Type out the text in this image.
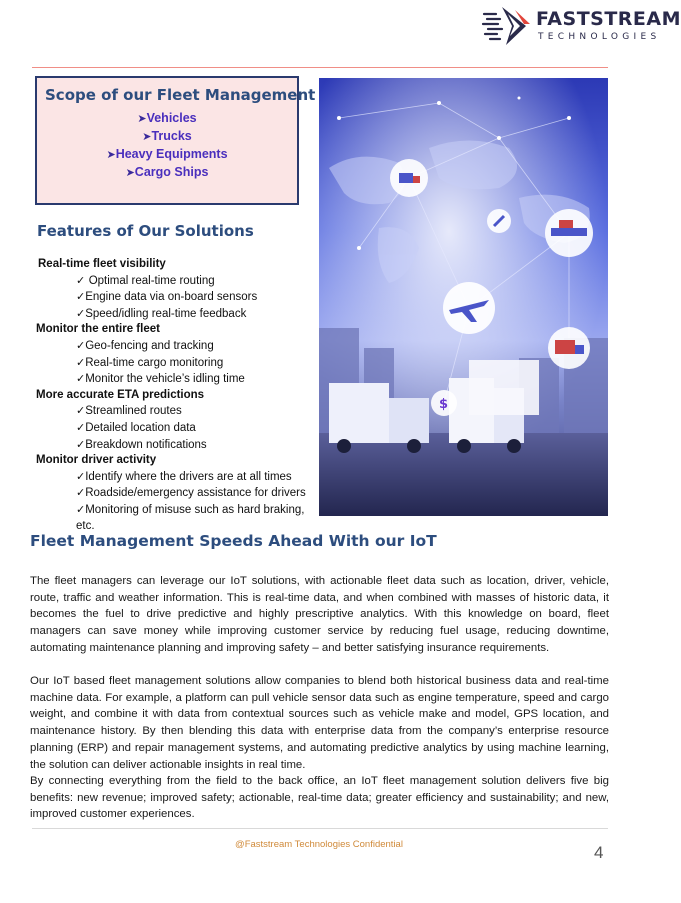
FASTSTREAM
TECHNOLOGIES
Scope of our Fleet Management
➤Vehicles
➤Trucks
➤Heavy Equipments
➤Cargo Ships
$
Features of Our Solutions
Real-time fleet visibility
✓ Optimal real-time routing
✓Engine data via on-board sensors
✓Speed/idling real-time feedback
Monitor the entire fleet
✓Geo-fencing and tracking
✓Real-time cargo monitoring
✓Monitor the vehicle’s idling time
More accurate ETA predictions
✓Streamlined routes
✓Detailed location data
✓Breakdown notifications
Monitor driver activity
✓Identify where the drivers are at all times
✓Roadside/emergency assistance for drivers
✓Monitoring of misuse such as hard braking, etc.
Fleet Management Speeds Ahead With our IoT
The fleet managers can leverage our IoT solutions, with actionable fleet data such as location, driver, vehicle, route, traffic and weather information. This is real-time data, and when combined with masses of historic data, it becomes the fuel to drive predictive and highly prescriptive analytics. With this knowledge on board, fleet managers can save money while improving customer service by reducing fuel usage, reducing downtime, automating maintenance planning and improving safety – and better satisfying insurance requirements.
Our IoT based fleet management solutions allow companies to blend both historical business data and real-time machine data. For example, a platform can pull vehicle sensor data such as engine temperature, speed and cargo weight, and combine it with data from contextual sources such as vehicle make and model, GPS location, and maintenance history. By then blending this data with enterprise data from the company’s enterprise resource planning (ERP) and repair management systems, and automating predictive analytics by using machine learning, the solution can deliver actionable insights in real time.
By connecting everything from the field to the back office, an IoT fleet management solution delivers five big benefits: new revenue; improved safety; actionable, real-time data; greater efficiency and sustainability; and new, improved customer experiences.
@Faststream Technologies Confidential	4
